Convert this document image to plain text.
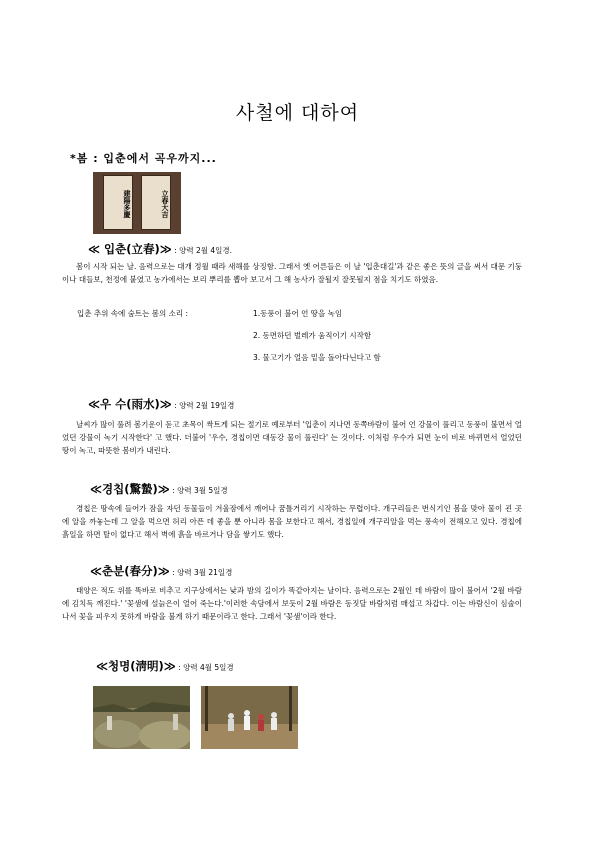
사철에 대하여
*봄 : 입춘에서 곡우까지...
建陽多慶	立春大吉
≪ 입춘(立春)≫ : 양력 2월 4일경.
봄이 시작 되는 날. 음력으로는 대개 정월 때라 새해를 상징함. 그래서 옛 어른들은 이 날 '입춘대길'과 같은 좋은 뜻의 글을 써서 대문 기둥이나 대들보, 천정에 붙였고 농가에서는 보리 뿌리를 뽑아 보고서 그 해 농사가 잘될지 잘못될지 점을 치기도 하였음.
입춘 추위 속에 숨트는 봄의 소리 :	1.동풍이 불어 언 땅을 녹임
2. 동면하던 벌레가 움직이기 시작함
3. 물고기가 얼음 밑을 돌아다닌다고 함
≪우 수(雨水)≫ : 양력 2월 19일경
날씨가 많이 풀려 봄기운이 돋고 초목이 싹트게 되는 절기로 예로부터 '입춘이 지나면 동쪽바람이 불어 언 강물이 풀리고 동풍이 불면서 얼었던 강물이 녹기 시작한다' 고 했다. 더불어 '우수, 경칩이면 대동강 물이 풀린다' 는 것이다. 이처럼 우수가 되면 눈이 비로 바뀌면서 얼었던 땅이 녹고, 따뜻한 봄비가 내린다.
≪경칩(驚蟄)≫ : 양력 3월 5일경
경칩은 땅속에 들어가 잠을 자던 동물들이 겨울잠에서 깨어나 꿈틀거리기 시작하는 무렵이다. 개구리들은 번식기인 봄을 맞아 물이 괸 곳에 알을 까놓는데 그 알을 먹으면 허리 아픈 데 좋을 뿐 아니라 몸을 보한다고 해서, 경칩일에 개구리알을 먹는 풍속이 전해오고 있다. 경칩에 흙일을 하면 탈이 없다고 해서 벽에 흙을 바르거나 담을 쌓기도 했다.
≪춘분(春分)≫ : 양력 3월 21일경
태양은 적도 위를 똑바로 비추고 지구상에서는 낮과 밤의 길이가 똑같아지는 날이다. 음력으로는 2월인 데 바람이 많이 불어서 '2월 바람에 김치독 깨진다.' '꽃샘에 설늙은이 얼어 죽는다.'이러한 속담에서 보듯이 2월 바람은 동짓달 바람처럼 매섭고 차갑다. 이는 바람신이 심술이 나서 꽃을 피우지 못하게 바람을 불게 하기 때문이라고 한다. 그래서 '꽃샘'이라 한다.
≪청명(淸明)≫ : 양력 4월 5일경
